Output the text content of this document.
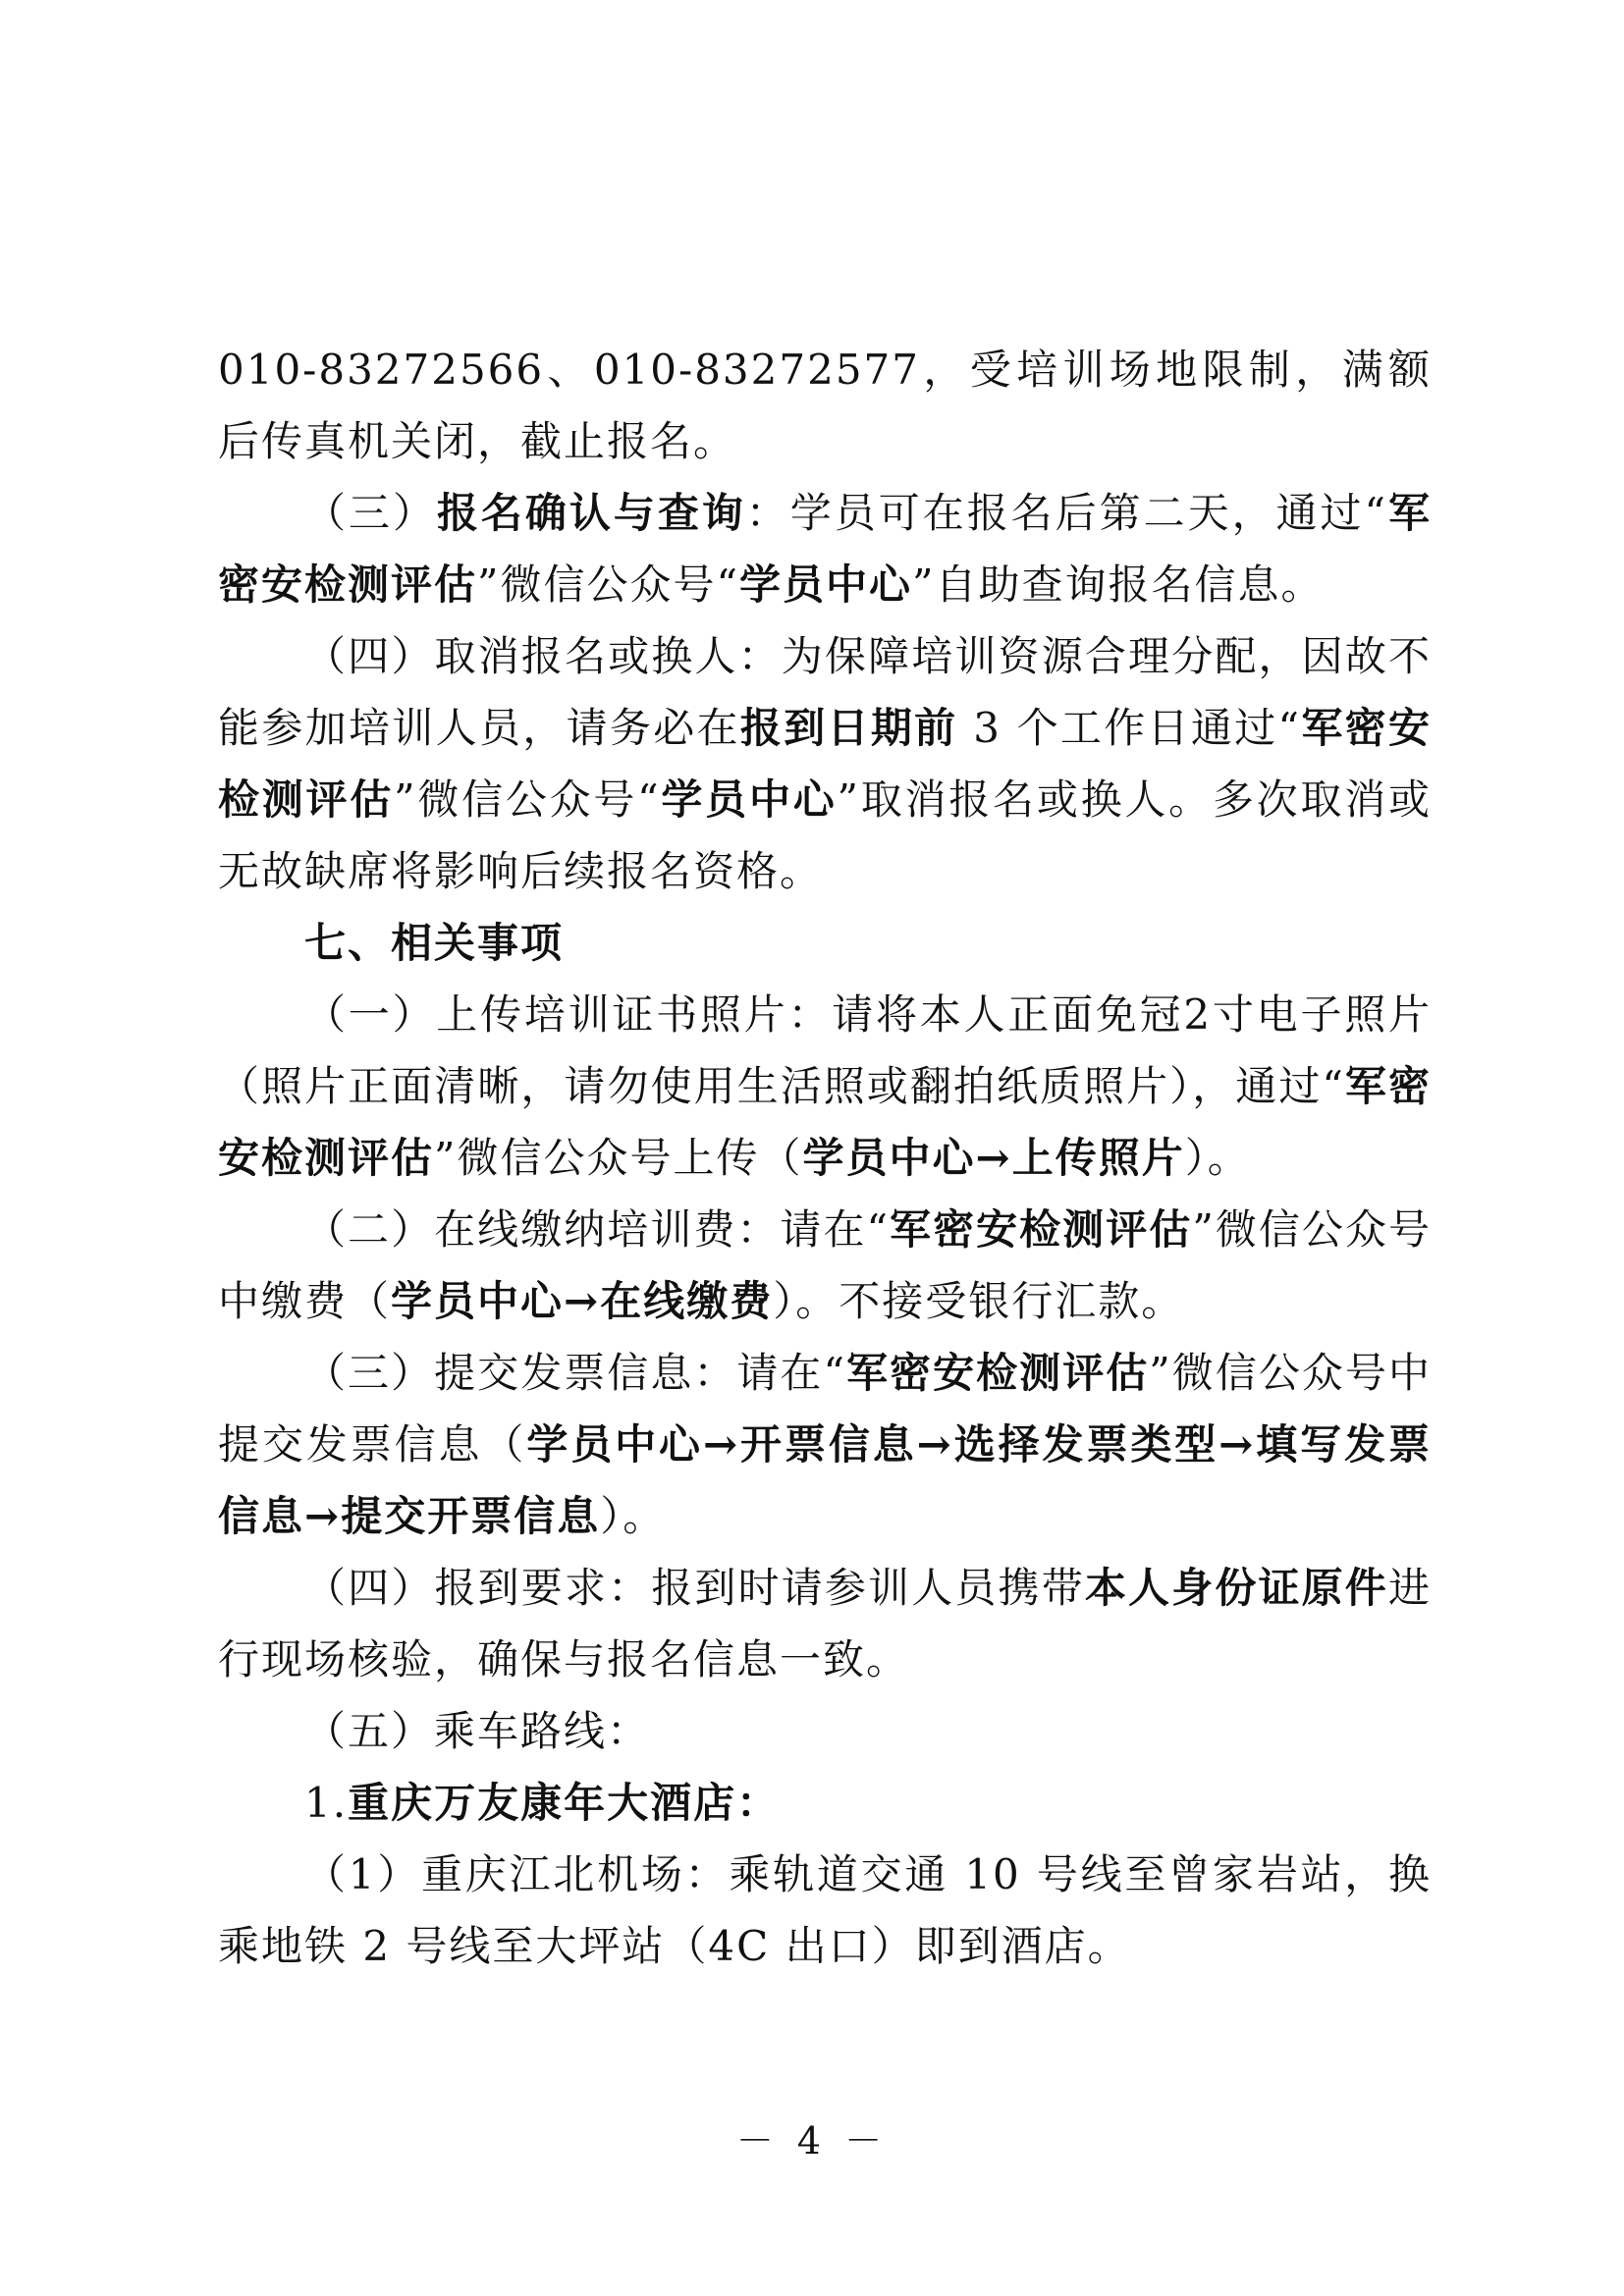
010-83272566、010-83272577，受培训场地限制，满额后传真机关闭，截止报名。

（三）报名确认与查询：学员可在报名后第二天，通过“军密安检测评估”微信公众号“学员中心”自助查询报名信息。

（四）取消报名或换人：为保障培训资源合理分配，因故不能参加培训人员，请务必在报到日期前 3 个工作日通过“军密安检测评估”微信公众号“学员中心”取消报名或换人。多次取消或无故缺席将影响后续报名资格。

七、相关事项

（一）上传培训证书照片：请将本人正面免冠2寸电子照片（照片正面清晰，请勿使用生活照或翻拍纸质照片），通过“军密安检测评估”微信公众号上传（学员中心→上传照片）。

（二）在线缴纳培训费：请在“军密安检测评估”微信公众号中缴费（学员中心→在线缴费）。不接受银行汇款。

（三）提交发票信息：请在“军密安检测评估”微信公众号中提交发票信息（学员中心→开票信息→选择发票类型→填写发票信息→提交开票信息）。

（四）报到要求：报到时请参训人员携带本人身份证原件进行现场核验，确保与报名信息一致。

（五）乘车路线：

1.重庆万友康年大酒店：

（1）重庆江北机场：乘轨道交通 10 号线至曾家岩站，换乘地铁 2 号线至大坪站（4C 出口）即到酒店。

－ 4 －
